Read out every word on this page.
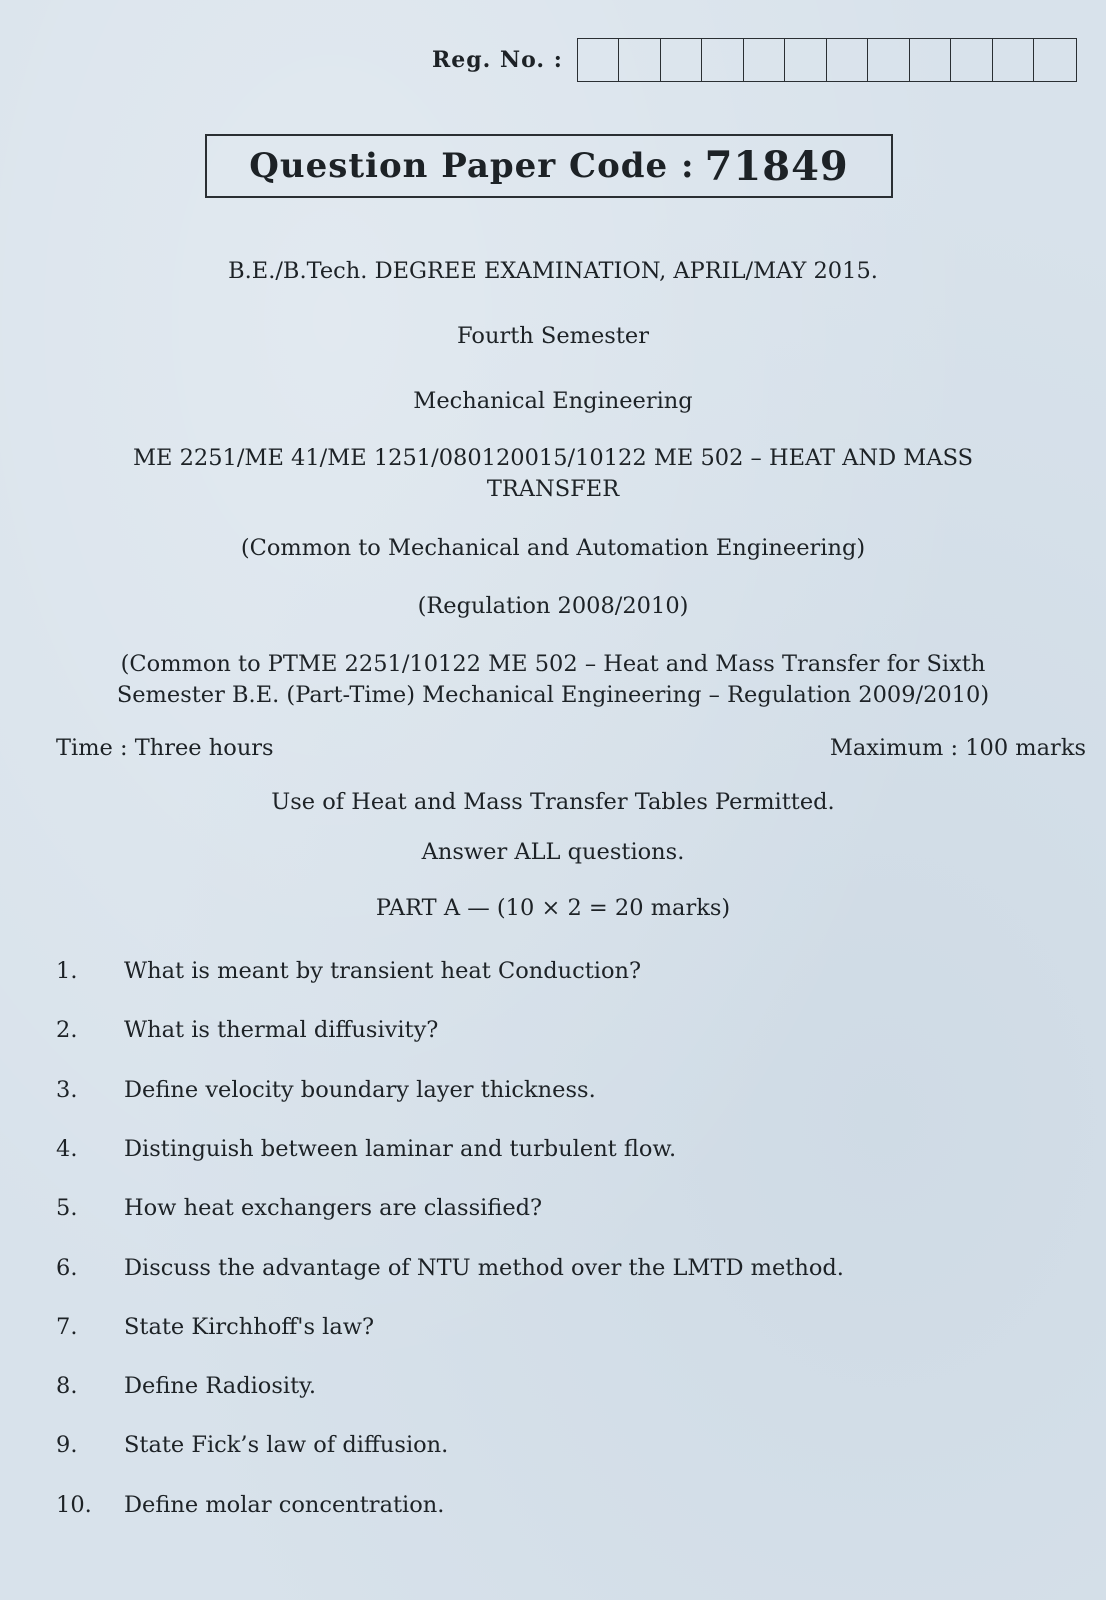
Reg. No. :
Question Paper Code : 71849
B.E./B.Tech. DEGREE EXAMINATION, APRIL/MAY 2015.
Fourth Semester
Mechanical Engineering
ME 2251/ME 41/ME 1251/080120015/10122 ME 502 – HEAT AND MASS
TRANSFER
(Common to Mechanical and Automation Engineering)
(Regulation 2008/2010)
(Common to PTME 2251/10122 ME 502 – Heat and Mass Transfer for Sixth
Semester B.E. (Part-Time) Mechanical Engineering – Regulation 2009/2010)
Time : Three hours	Maximum : 100 marks
Use of Heat and Mass Transfer Tables Permitted.
Answer ALL questions.
PART A — (10 × 2 = 20 marks)
1.	What is meant by transient heat Conduction?
2.	What is thermal diffusivity?
3.	Define velocity boundary layer thickness.
4.	Distinguish between laminar and turbulent flow.
5.	How heat exchangers are classified?
6.	Discuss the advantage of NTU method over the LMTD method.
7.	State Kirchhoff's law?
8.	Define Radiosity.
9.	State Fick’s law of diffusion.
10.	Define molar concentration.
